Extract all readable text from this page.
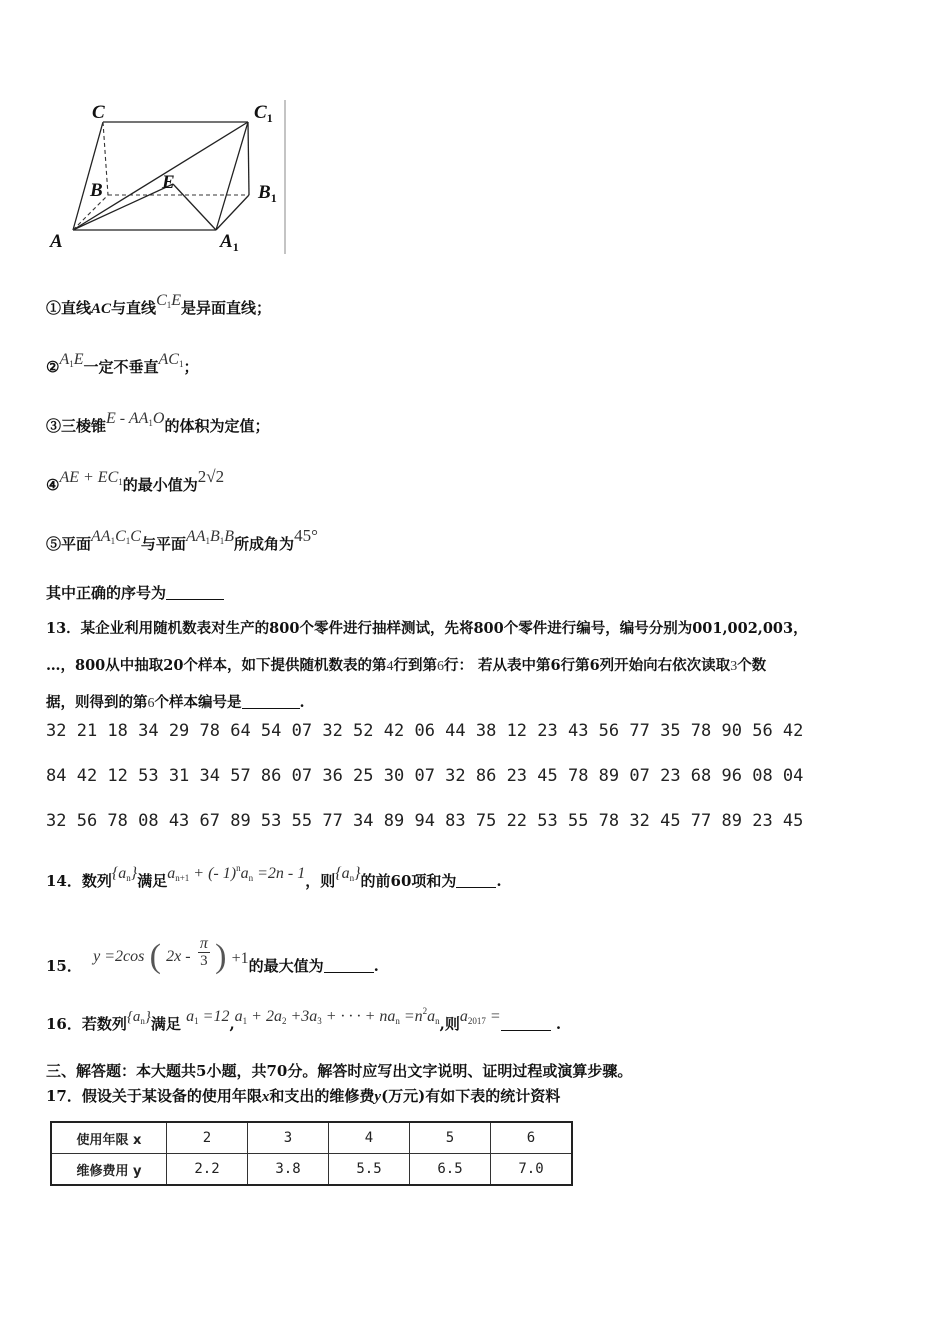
C	$C_1$
B	$B_1$
E
A	$A_1$
①直线AC与直线$C_1E$是异面直线；
$②A_1E$一定不垂直$AC_1$；
③三棱锥E - $AA_1O$的体积为定值；
④AE + $EC_1$的最小值为2√2
⑤平面$AA_1C_1C$与平面$AA_1B_1B$所成角为45°
其中正确的序号为
13．某企业利用随机数表对生产的800个零件进行抽样测试，先将800个零件进行编号，编号分别为001,002,003，
…，800从中抽取20个样本，如下提供随机数表的第4行到第6行： 若从表中第6行第6列开始向右依次读取3个数
据，则得到的第6个样本编号是	.
32 21 18 34 29 78 64 54 07 32 52 42 06 44 38 12 23 43 56 77 35 78 90 56 42
84 42 12 53 31 34 57 86 07 36 25 30 07 32 86 23 45 78 89 07 23 68 96 08 04
32 56 78 08 43 67 89 53 55 77 34 89 94 83 75 22 53 55 78 32 45 77 89 23 45
14．数列$\{a_n\}$满足$a_{n+1}$ + (- $1)^na_n =2n - 1$，则$\{a_n\}$的前60项和为	.
15． y =2cos ( $2x - \frac{\pi}{3}$ ) +1的最大值为	.
16．若数列$\{a_n\}$满足 $a_1 =12,a_1 + 2a_2 +3a_3$ + · · · + $na_n =n^2a_n$,则$a_{2017}$ =	.
三、解答题：本大题共5小题，共70分。解答时应写出文字说明、证明过程或演算步骤。
17．假设关于某设备的使用年限x和支出的维修费y(万元)有如下表的统计资料
使用年限 x	2	3	4	5	6
维修费用 y	2.2	3.8	5.5	6.5	7.0
